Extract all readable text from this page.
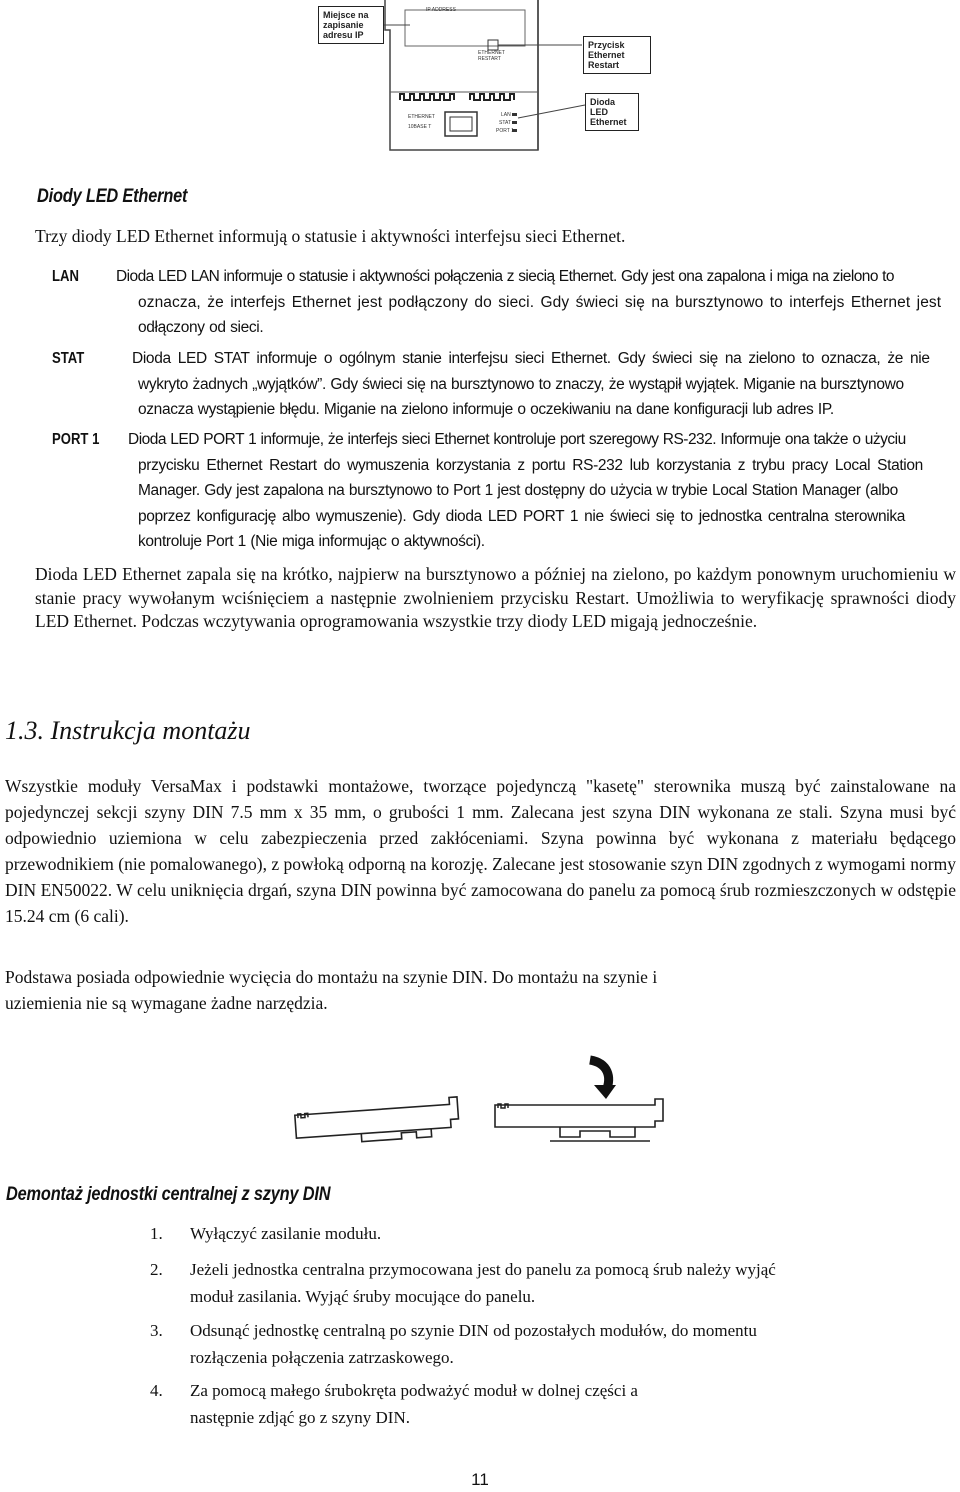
Miejsce na zapisanie adresu IP
Przycisk Ethernet Restart
Dioda LED Ethernet
IP ADDRESS
ETHERNET RESTART
ETHERNET
10BASE T
LAN
STAT
PORT 1
Diody LED Ethernet
Trzy diody LED Ethernet informują o statusie i aktywności interfejsu sieci Ethernet.
LAN Dioda LED LAN informuje o statusie i aktywności połączenia z siecią Ethernet. Gdy jest ona zapalona i miga na zielono to
oznacza, że interfejs Ethernet jest podłączony do sieci. Gdy świeci się na bursztynowo to interfejs Ethernet jest
odłączony od sieci.
STAT	Dioda LED STAT informuje o ogólnym stanie interfejsu sieci Ethernet. Gdy świeci się na zielono to oznacza, że nie
wykryto żadnych „wyjątków”. Gdy świeci się na bursztynowo to znaczy, że wystąpił wyjątek. Miganie na bursztynowo
oznacza wystąpienie błędu. Miganie na zielono informuje o oczekiwaniu na dane konfiguracji lub adres IP.
PORT 1 Dioda LED PORT 1 informuje, że interfejs sieci Ethernet kontroluje port szeregowy RS-232. Informuje ona także o użyciu
przycisku Ethernet Restart do wymuszenia korzystania z portu RS-232 lub korzystania z trybu pracy Local Station
Manager. Gdy jest zapalona na bursztynowo to Port 1 jest dostępny do użycia w trybie Local Station Manager (albo
poprzez konfigurację albo wymuszenie). Gdy dioda LED PORT 1 nie świeci się to jednostka centralna sterownika
kontroluje Port 1 (Nie miga informując o aktywności).
Dioda LED Ethernet zapala się na krótko, najpierw na bursztynowo a później na zielono, po każdym ponownym uruchomieniu w stanie pracy wywołanym wciśnięciem a następnie zwolnieniem przycisku Restart. Umożliwia to weryfikację sprawności diody LED Ethernet. Podczas wczytywania oprogramowania wszystkie trzy diody LED migają jednocześnie.
1.3. Instrukcja montażu
Wszystkie moduły VersaMax i podstawki montażowe, tworzące pojedynczą "kasetę" sterownika muszą być zainstalowane na pojedynczej sekcji szyny DIN 7.5 mm x 35 mm, o grubości 1 mm. Zalecana jest szyna DIN wykonana ze stali. Szyna musi być odpowiednio uziemiona w celu zabezpieczenia przed zakłóceniami. Szyna powinna być wykonana z materiału będącego przewodnikiem (nie pomalowanego), z powłoką odporną na korozję. Zalecane jest stosowanie szyn DIN zgodnych z wymogami normy DIN EN50022. W celu uniknięcia drgań, szyna DIN powinna być zamocowana do panelu za pomocą śrub rozmieszczonych w odstępie 15.24 cm (6 cali).
Podstawa posiada odpowiednie wycięcia do montażu na szynie DIN. Do montażu na szynie i
uziemienia nie są wymagane żadne narzędzia.
Demontaż jednostki centralnej z szyny DIN
1. Wyłączyć zasilanie modułu.
2. Jeżeli jednostka centralna przymocowana jest do panelu za pomocą śrub należy wyjąć
moduł zasilania. Wyjąć śruby mocujące do panelu.
3. Odsunąć jednostkę centralną po szynie DIN od pozostałych modułów, do momentu
rozłączenia połączenia zatrzaskowego.
4. Za pomocą małego śrubokręta podważyć moduł w dolnej części a
następnie zdjąć go z szyny DIN.
11
